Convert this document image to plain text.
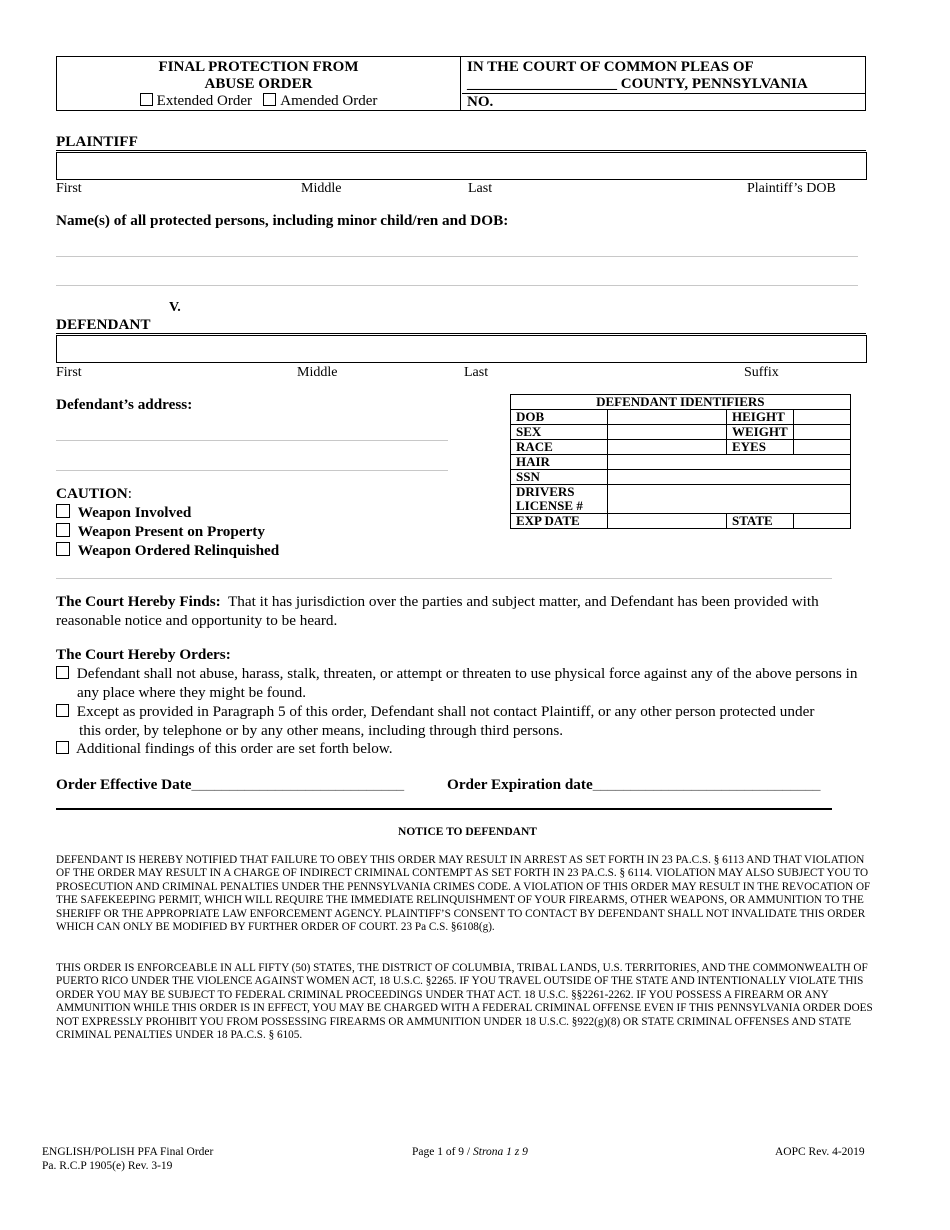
FINAL PROTECTION FROM
ABUSE ORDER
Extended Order Amended Order
IN THE COURT OF COMMON PLEAS OF
____________________ COUNTY, PENNSYLVANIA
NO.
PLAINTIFF
First	Middle	Last	Plaintiff’s DOB
Name(s) of all protected persons, including minor child/ren and DOB:
V.
DEFENDANT
First	Middle	Last	Suffix
Defendant’s address:	DEFENDANT IDENTIFIERS			
DOB		HEIGHT	
SEX		WEIGHT	
RACE		EYES	
HAIR			
SSN			

DRIVERS
LICENSE #			

EXP DATE		STATE	
CAUTION:
Weapon Involved
Weapon Present on Property
Weapon Ordered Relinquished
The Court Hereby Finds: That it has jurisdiction over the parties and subject matter, and Defendant has been provided with reasonable notice and opportunity to be heard.
The Court Hereby Orders:
Defendant shall not abuse, harass, stalk, threaten, or attempt or threaten to use physical force against any of the above persons in
any place where they might be found.
Except as provided in Paragraph 5 of this order, Defendant shall not contact Plaintiff, or any other person protected under
this order, by telephone or by any other means, including through third persons.
Additional findings of this order are set forth below.
Order Effective Date____________________________	Order Expiration date______________________________
NOTICE TO DEFENDANT
DEFENDANT IS HEREBY NOTIFIED THAT FAILURE TO OBEY THIS ORDER MAY RESULT IN ARREST AS SET FORTH IN 23 PA.C.S. § 6113 AND THAT VIOLATION OF THE ORDER MAY RESULT IN A CHARGE OF INDIRECT CRIMINAL CONTEMPT AS SET FORTH IN 23 PA.C.S. § 6114. VIOLATION MAY ALSO SUBJECT YOU TO PROSECUTION AND CRIMINAL PENALTIES UNDER THE PENNSYLVANIA CRIMES CODE. A VIOLATION OF THIS ORDER MAY RESULT IN THE REVOCATION OF THE SAFEKEEPING PERMIT, WHICH WILL REQUIRE THE IMMEDIATE RELINQUISHMENT OF YOUR FIREARMS, OTHER WEAPONS, OR AMMUNITION TO THE SHERIFF OR THE APPROPRIATE LAW ENFORCEMENT AGENCY. PLAINTIFF’S CONSENT TO CONTACT BY DEFENDANT SHALL NOT INVALIDATE THIS ORDER WHICH CAN ONLY BE MODIFIED BY FURTHER ORDER OF COURT. 23 Pa C.S. §6108(g).
THIS ORDER IS ENFORCEABLE IN ALL FIFTY (50) STATES, THE DISTRICT OF COLUMBIA, TRIBAL LANDS, U.S. TERRITORIES, AND THE COMMONWEALTH OF PUERTO RICO UNDER THE VIOLENCE AGAINST WOMEN ACT, 18 U.S.C. §2265. IF YOU TRAVEL OUTSIDE OF THE STATE AND INTENTIONALLY VIOLATE THIS ORDER YOU MAY BE SUBJECT TO FEDERAL CRIMINAL PROCEEDINGS UNDER THAT ACT. 18 U.S.C. §§2261-2262. IF YOU POSSESS A FIREARM OR ANY AMMUNITION WHILE THIS ORDER IS IN EFFECT, YOU MAY BE CHARGED WITH A FEDERAL CRIMINAL OFFENSE EVEN IF THIS PENNSYLVANIA ORDER DOES NOT EXPRESSLY PROHIBIT YOU FROM POSSESSING FIREARMS OR AMMUNITION UNDER 18 U.S.C. §922(g)(8) OR STATE CRIMINAL OFFENSES AND STATE CRIMINAL PENALTIES UNDER 18 PA.C.S. § 6105.
ENGLISH/POLISH PFA Final Order
Pa. R.C.P 1905(e) Rev. 3-19
Page 1 of 9 / Strona 1 z 9	AOPC Rev. 4-2019
